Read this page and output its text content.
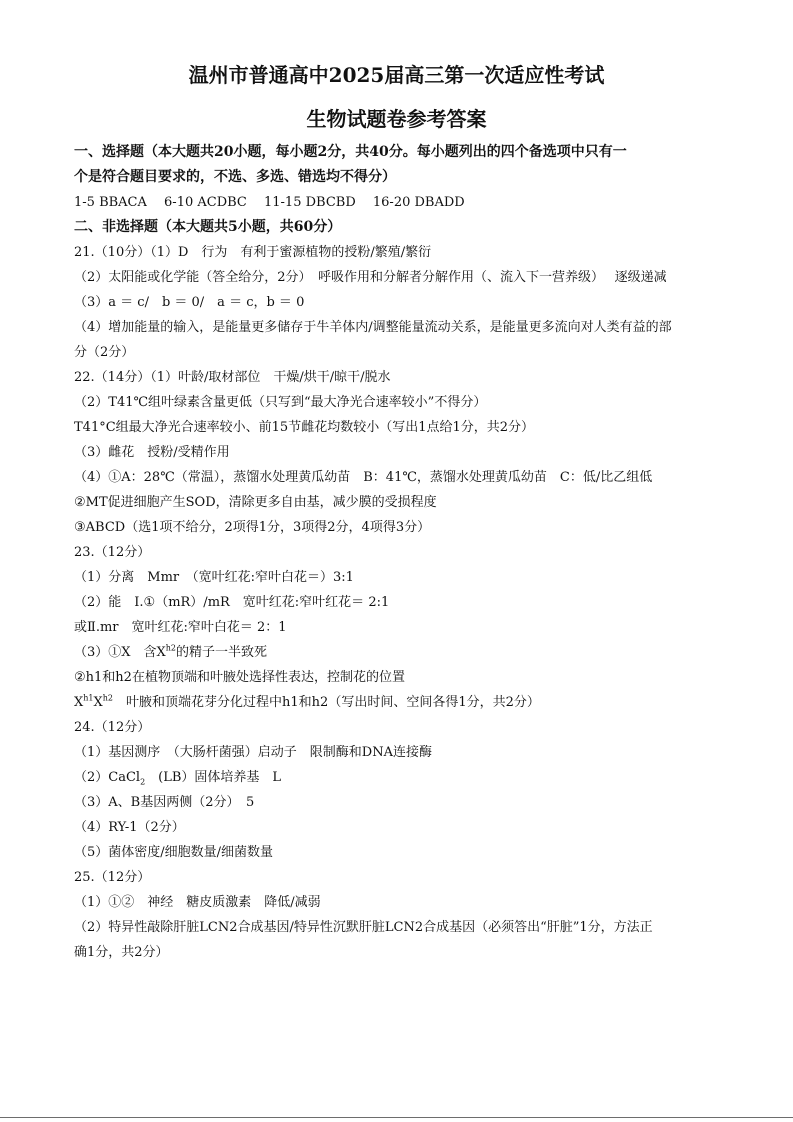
温州市普通高中2025届高三第一次适应性考试
生物试题卷参考答案
一、选择题（本大题共20小题，每小题2分，共40分。每小题列出的四个备选项中只有一
个是符合题目要求的，不选、多选、错选均不得分）
1-5 BBACA　 6-10 ACDBC　 11-15 DBCBD　 16-20 DBADD
二、非选择题（本大题共5小题，共60分）
21.（10分）（1）D　行为　有利于蜜源植物的授粉/繁殖/繁衍
（2）太阳能或化学能（答全给分，2分）　呼吸作用和分解者分解作用（、流入下一营养级）　 逐级递减
（3）a ＝ c/　b ＝ 0/　a ＝ c，b ＝ 0
（4）增加能量的输入，是能量更多储存于牛羊体内/调整能量流动关系，是能量更多流向对人类有益的部
分（2分）
22.（14分）（1）叶龄/取材部位　干燥/烘干/晾干/脱水
（2）T41℃组叶绿素含量更低（只写到“最大净光合速率较小”不得分）
T41°C组最大净光合速率较小、前15节雌花均数较小（写出1点给1分，共2分）
（3）雌花　授粉/受精作用
（4）①A：28℃（常温），蒸馏水处理黄瓜幼苗　B：41℃，蒸馏水处理黄瓜幼苗　C：低/比乙组低
②MT促进细胞产生SOD，清除更多自由基，减少膜的受损程度
③ABCD（选1项不给分，2项得1分，3项得2分，4项得3分）
23.（12分）
（1）分离　Mmr　（宽叶红花:窄叶白花＝）3:1
（2）能　Ⅰ.①（mR）/mR　宽叶红花:窄叶红花＝ 2:1
或Ⅱ.mr　宽叶红花:窄叶白花＝ 2：1
（3）①X　含$X^{h2}$的精子一半致死
②h1和h2在植物顶端和叶腋处选择性表达，控制花的位置
$X^{h1}X^{h2}$　叶腋和顶端花芽分化过程中h1和h2（写出时间、空间各得1分，共2分）
24.（12分）
（1）基因测序　（大肠杆菌强）启动子　限制酶和DNA连接酶
（2）CaCl$_2$　(LB）固体培养基　L
（3）A、B基因两侧（2分）　5
（4）RY-1（2分）
（5）菌体密度/细胞数量/细菌数量
25.（12分）
（1）①②　神经　糖皮质激素　降低/减弱
（2）特异性敲除肝脏LCN2合成基因/特异性沉默肝脏LCN2合成基因（必须答出“肝脏”1分，方法正
确1分，共2分）
